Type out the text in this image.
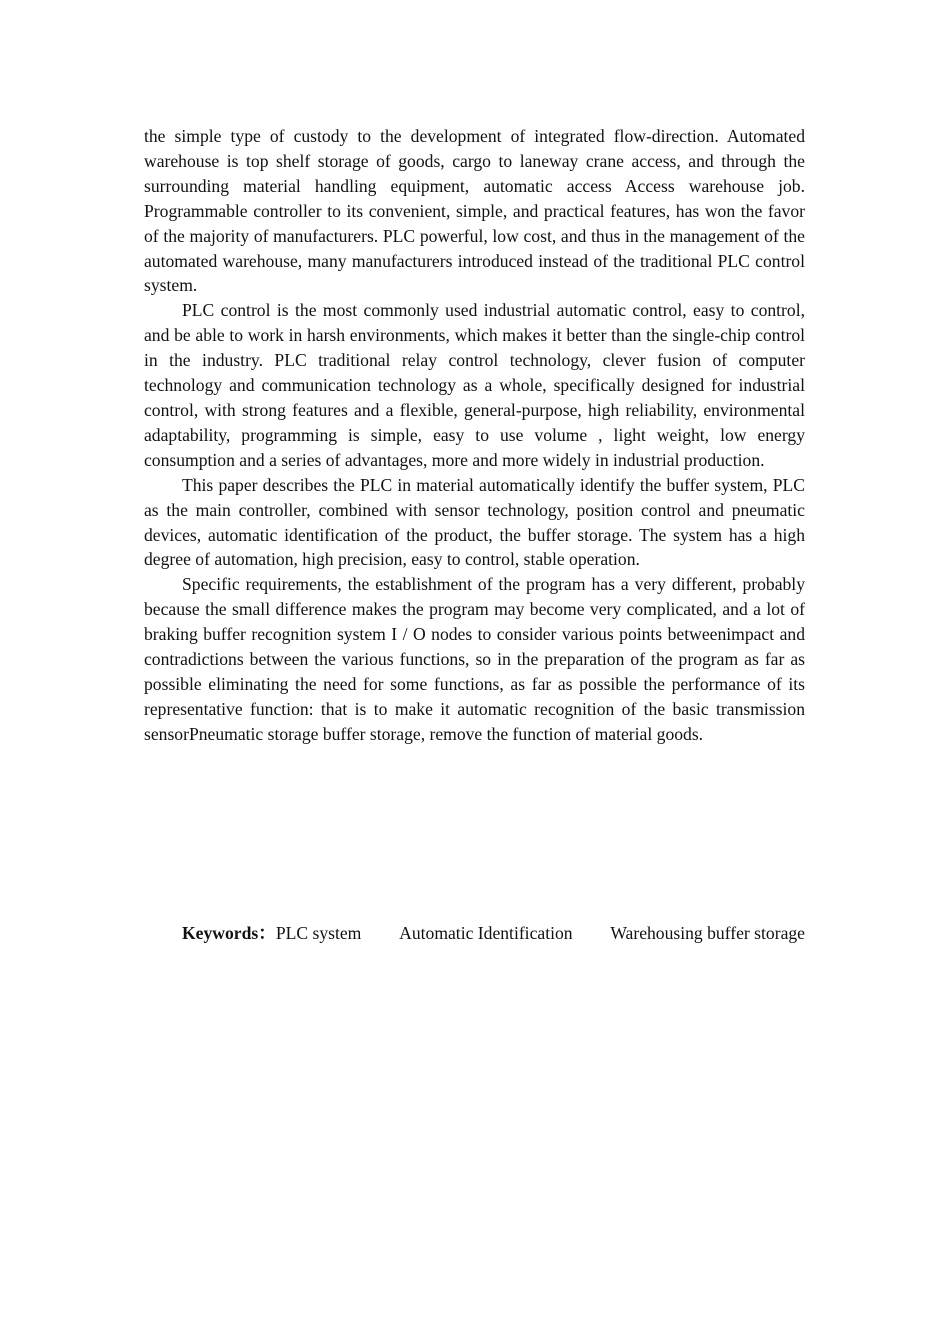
the simple type of custody to the development of integrated flow-direction. Automated warehouse is top shelf storage of goods, cargo to laneway crane access, and through the surrounding material handling equipment, automatic access Access warehouse job. Programmable controller to its convenient, simple, and practical features, has won the favor of the majority of manufacturers. PLC powerful, low cost, and thus in the management of the automated warehouse, many manufacturers introduced instead of the traditional PLC control system.

PLC control is the most commonly used industrial automatic control, easy to control, and be able to work in harsh environments, which makes it better than the single-chip control in the industry. PLC traditional relay control technology, clever fusion of computer technology and communication technology as a whole, specifically designed for industrial control, with strong features and a flexible, general-purpose, high reliability, environmental adaptability, programming is simple, easy to use volume , light weight, low energy consumption and a series of advantages, more and more widely in industrial production.

This paper describes the PLC in material automatically identify the buffer system, PLC as the main controller, combined with sensor technology, position control and pneumatic devices, automatic identification of the product, the buffer storage. The system has a high degree of automation, high precision, easy to control, stable operation.

Specific requirements, the establishment of the program has a very different, probably because the small difference makes the program may become very complicated, and a lot of braking buffer recognition system I / O nodes to consider various points betweenimpact and contradictions between the various functions, so in the preparation of the program as far as possible eliminating the need for some functions, as far as possible the performance of its representative function: that is to make it automatic recognition of the basic transmission sensorPneumatic storage buffer storage, remove the function of material goods.

Keywords： PLC system Automatic Identification Warehousing buffer storage
